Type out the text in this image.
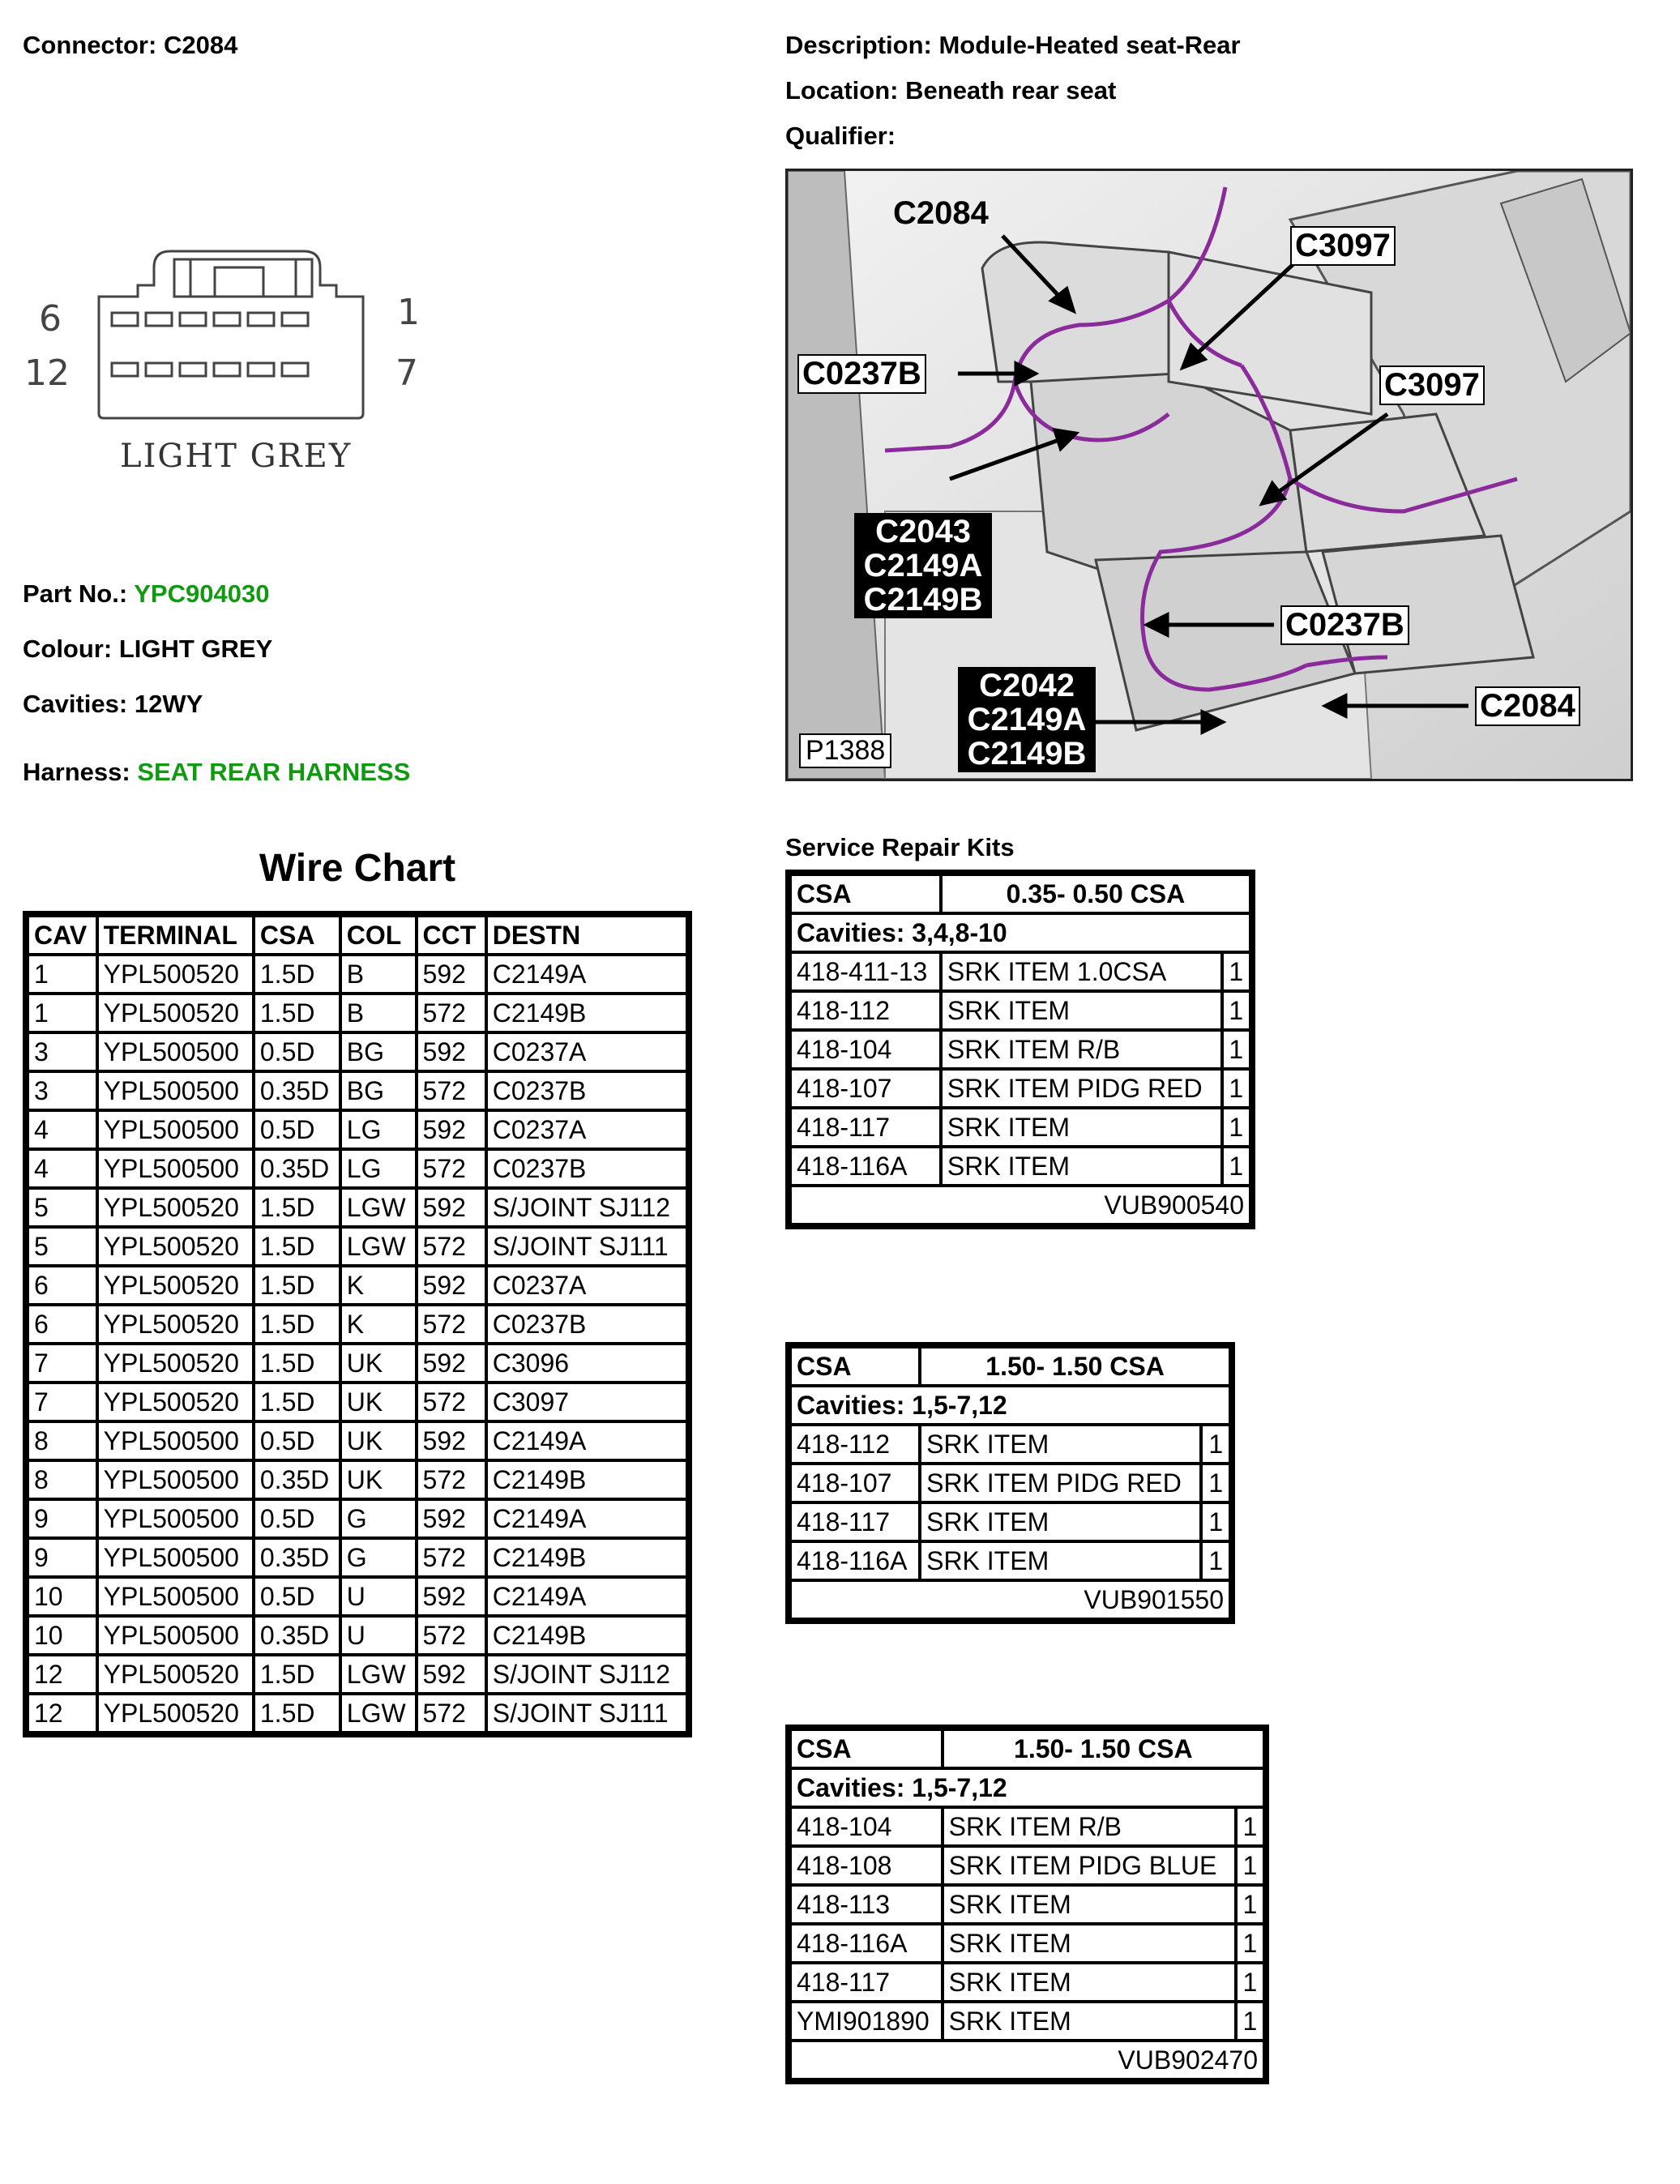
Connector: C2084	Description: Module-Heated seat-Rear
Location: Beneath rear seat
Qualifier:
6
12
1
7
LIGHT GREY
Part No.: YPC904030
Colour: LIGHT GREY
Cavities: 12WY
Harness: SEAT REAR HARNESS
C2084
C3097
C0237B	C3097
C2043
C2149A
C2149B
C0237B
C2042
C2149A
C2149B
C2084
P1388
Wire Chart
CAV	TERMINAL	CSA	COL	CCT	DESTN
1	YPL500520	1.5D	B	592	C2149A
1	YPL500520	1.5D	B	572	C2149B
3	YPL500500	0.5D	BG	592	C0237A
3	YPL500500	0.35D	BG	572	C0237B
4	YPL500500	0.5D	LG	592	C0237A
4	YPL500500	0.35D	LG	572	C0237B
5	YPL500520	1.5D	LGW	592	S/JOINT SJ112
5	YPL500520	1.5D	LGW	572	S/JOINT SJ111
6	YPL500520	1.5D	K	592	C0237A
6	YPL500520	1.5D	K	572	C0237B
7	YPL500520	1.5D	UK	592	C3096
7	YPL500520	1.5D	UK	572	C3097
8	YPL500500	0.5D	UK	592	C2149A
8	YPL500500	0.35D	UK	572	C2149B
9	YPL500500	0.5D	G	592	C2149A
9	YPL500500	0.35D	G	572	C2149B
10	YPL500500	0.5D	U	592	C2149A
10	YPL500500	0.35D	U	572	C2149B
12	YPL500520	1.5D	LGW	592	S/JOINT SJ112
12	YPL500520	1.5D	LGW	572	S/JOINT SJ111
Service Repair Kits
CSA	0.35- 0.50 CSA	
Cavities: 3,4,8-10		
418-411-13	SRK ITEM 1.0CSA	1
418-112	SRK ITEM	1
418-104	SRK ITEM R/B	1
418-107	SRK ITEM PIDG RED	1
418-117	SRK ITEM	1
418-116A	SRK ITEM	1
VUB900540		
CSA	1.50- 1.50 CSA	
Cavities: 1,5-7,12		
418-112	SRK ITEM	1
418-107	SRK ITEM PIDG RED	1
418-117	SRK ITEM	1
418-116A	SRK ITEM	1
VUB901550		
CSA	1.50- 1.50 CSA	
Cavities: 1,5-7,12		
418-104	SRK ITEM R/B	1
418-108	SRK ITEM PIDG BLUE	1
418-113	SRK ITEM	1
418-116A	SRK ITEM	1
418-117	SRK ITEM	1
YMI901890	SRK ITEM	1
VUB902470		
